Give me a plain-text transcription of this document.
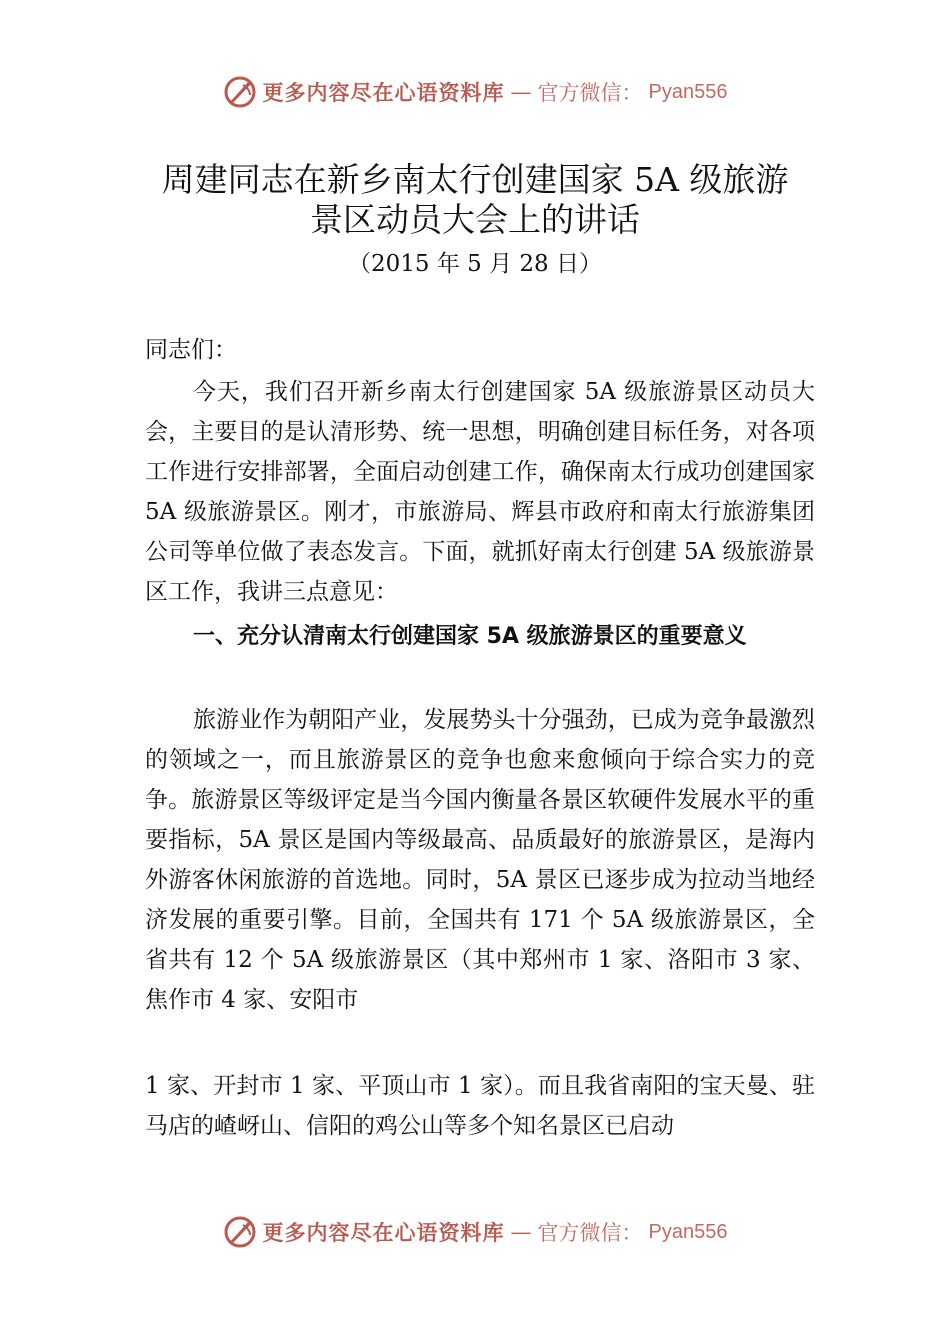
更多内容尽在心语资料库 — 官方微信： Pyan556
周建同志在新乡南太行创建国家 5A 级旅游
景区动员大会上的讲话
（2015 年 5 月 28 日）

同志们：

今天，我们召开新乡南太行创建国家 5A 级旅游景区动员大会，主要目的是认清形势、统一思想，明确创建目标任务，对各项 工作进行安排部署，全面启动创建工作，确保南太行成功创建国家 5A 级旅游景区。刚才，市旅游局、辉县市政府和南太行旅游集团公司等单位做了表态发言。下面，就抓好南太行创建 5A 级旅游景区工作，我讲三点意见：

一、充分认清南太行创建国家 5A 级旅游景区的重要意义

旅游业作为朝阳产业，发展势头十分强劲，已成为竞争最激烈的领域之一，而且旅游景区的竞争也愈来愈倾向于综合实力的竞争。旅游景区等级评定是当今国内衡量各景区软硬件发展水平的重要指标，5A 景区是国内等级最高、品质最好的旅游景区，是海内外游客休闲旅游的首选地。同时，5A 景区已逐步成为拉动当地经济发展的重要引擎。目前，全国共有 171 个 5A 级旅游景区，全省共有 12 个 5A 级旅游景区（其中郑州市 1 家、洛阳市 3 家、焦作市 4 家、安阳市

1 家、开封市 1 家、平顶山市 1 家）。而且我省南阳的宝天曼、驻马店的嵖岈山、信阳的鸡公山等多个知名景区已启动

更多内容尽在心语资料库 — 官方微信： Pyan556
